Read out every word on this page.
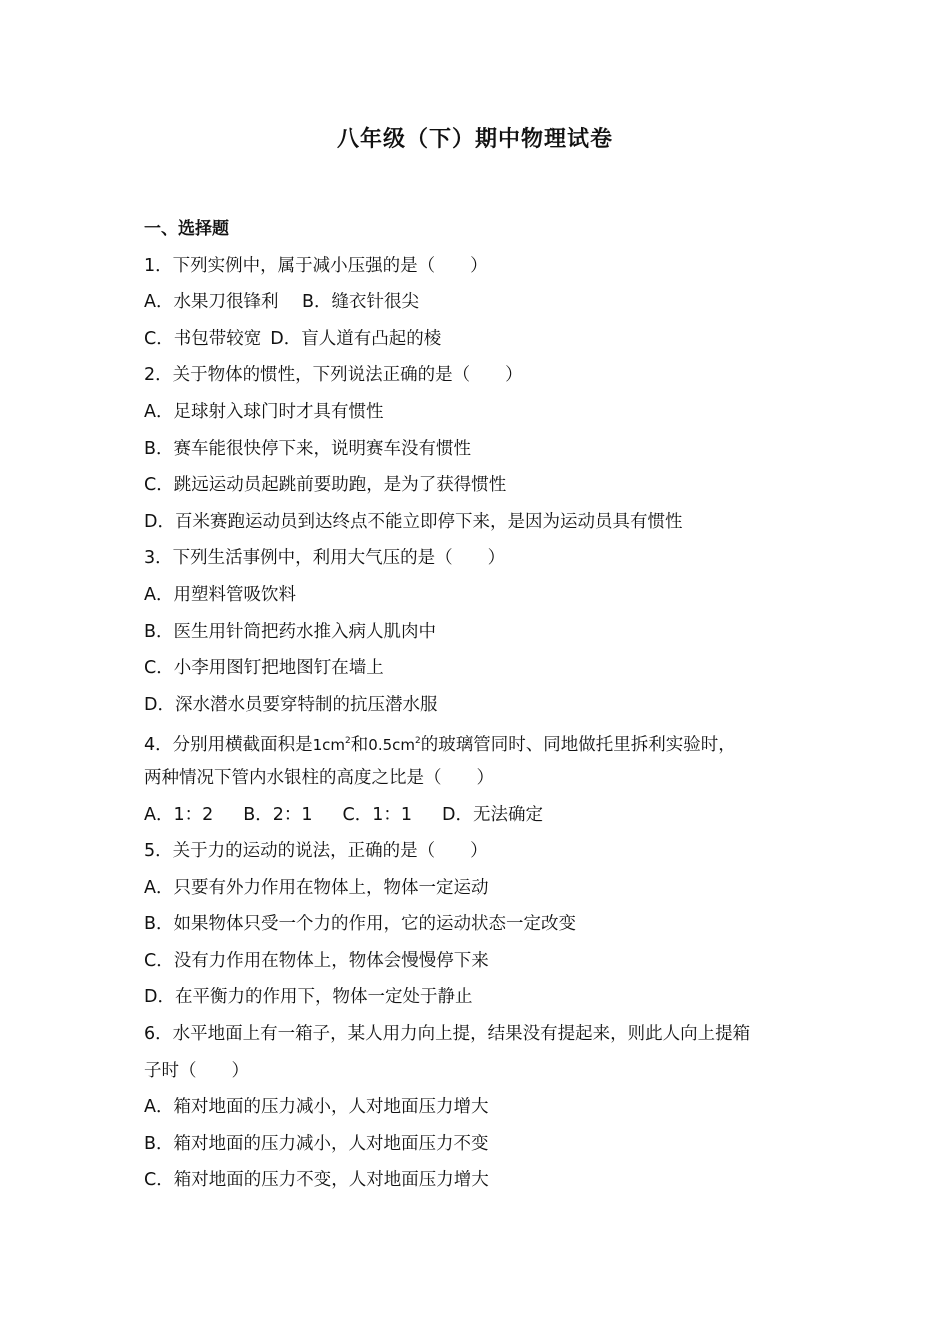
八年级（下）期中物理试卷
一、选择题
1．下列实例中，属于减小压强的是（　　）
A．水果刀很锋利　B．缝衣针很尖
C．书包带较宽 D．盲人道有凸起的棱
2．关于物体的惯性，下列说法正确的是（　　）
A．足球射入球门时才具有惯性
B．赛车能很快停下来，说明赛车没有惯性
C．跳远运动员起跳前要助跑，是为了获得惯性
D．百米赛跑运动员到达终点不能立即停下来，是因为运动员具有惯性
3．下列生活事例中，利用大气压的是（　　）
A．用塑料管吸饮料
B．医生用针筒把药水推入病人肌肉中
C．小李用图钉把地图钉在墙上
D．深水潜水员要穿特制的抗压潜水服
4．分别用横截面积是$1cm^2$和$0.5cm^2$的玻璃管同时、同地做托里拆利实验时，
两种情况下管内水银柱的高度之比是（　　）
A．1：2 B．2：1 C．1：1 D．无法确定
5．关于力的运动的说法，正确的是（　　）
A．只要有外力作用在物体上，物体一定运动
B．如果物体只受一个力的作用，它的运动状态一定改变
C．没有力作用在物体上，物体会慢慢停下来
D．在平衡力的作用下，物体一定处于静止
6．水平地面上有一箱子，某人用力向上提，结果没有提起来，则此人向上提箱
子时（　　）
A．箱对地面的压力减小，人对地面压力增大
B．箱对地面的压力减小，人对地面压力不变
C．箱对地面的压力不变，人对地面压力增大
